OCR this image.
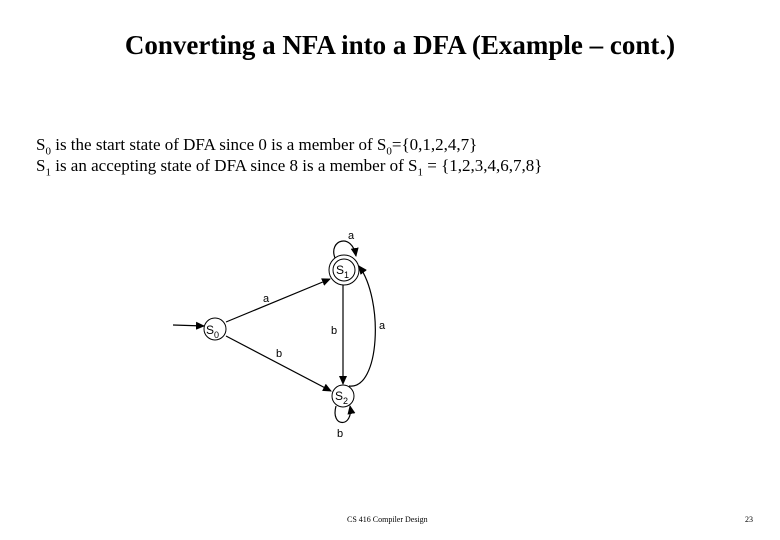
Converting a NFA into a DFA (Example – cont.)
$S_0$ is the start state of DFA since 0 is a member of $S_0=\{0,1,2,4,7\}$
$S_1$ is an accepting state of DFA since 8 is a member of $S_1 = \{1,2,3,4,6,7,8\}$
$S_0$
$S_1$
$S_2$
a
a
b	a
b
b
CS 416 Compiler Design	23
